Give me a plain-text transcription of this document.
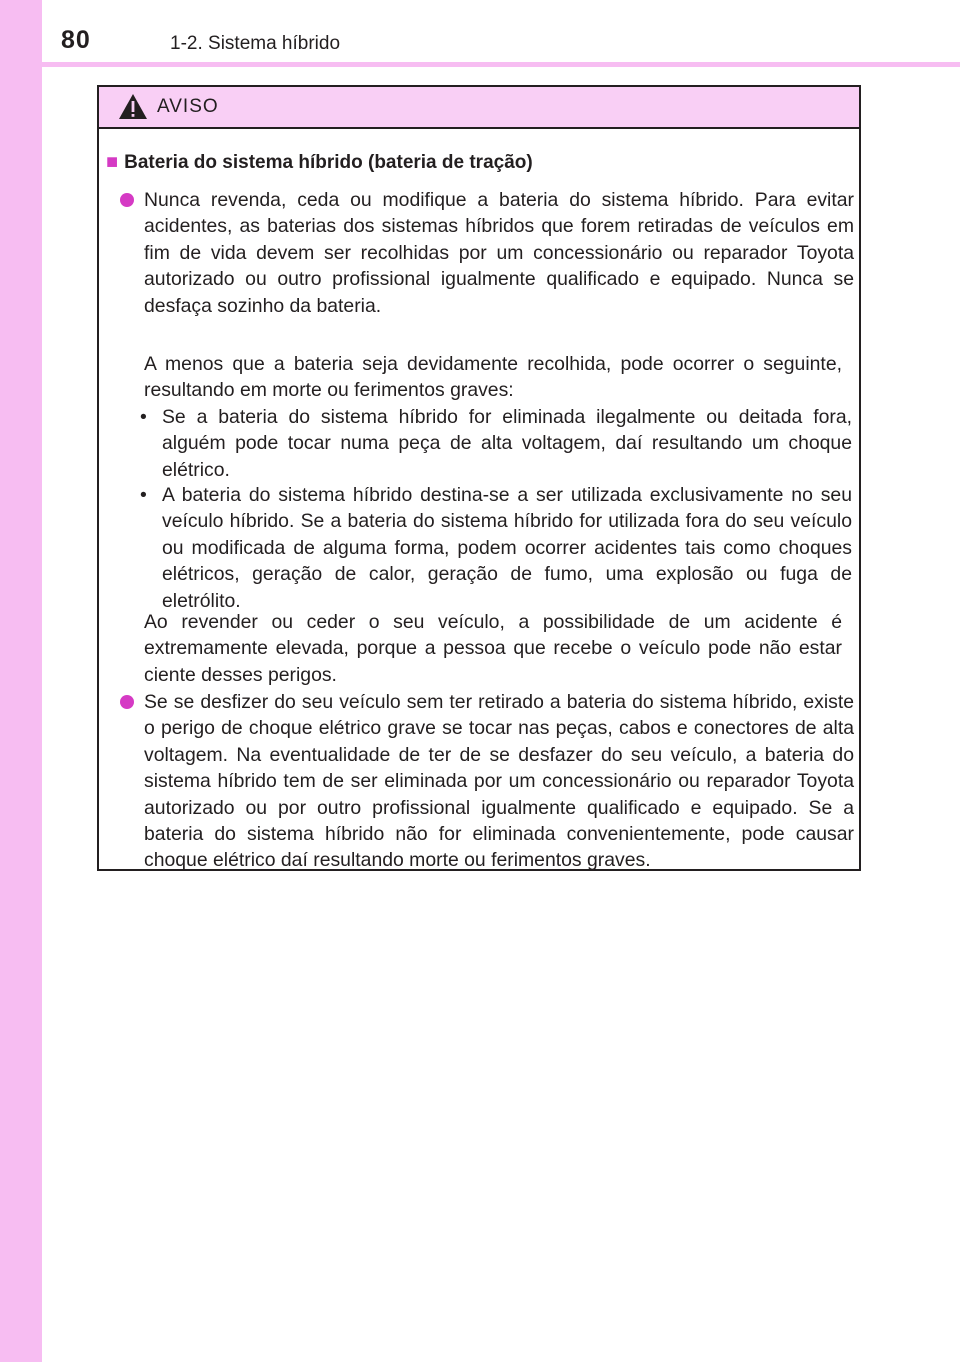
80	1-2. Sistema híbrido
AVISO
■ Bateria do sistema híbrido (bateria de tração)
Nunca revenda, ceda ou modifique a bateria do sistema híbrido. Para evitar acidentes, as baterias dos sistemas híbridos que forem retiradas de veículos em fim de vida devem ser recolhidas por um concessionário ou reparador Toyota autorizado ou outro profissional igualmente qualificado e equipado. Nunca se desfaça sozinho da bateria.
A menos que a bateria seja devidamente recolhida, pode ocorrer o seguinte, resultando em morte ou ferimentos graves:
• Se a bateria do sistema híbrido for eliminada ilegalmente ou deitada fora, alguém pode tocar numa peça de alta voltagem, daí resultando um choque elétrico.
• A bateria do sistema híbrido destina-se a ser utilizada exclusivamente no seu veículo híbrido. Se a bateria do sistema híbrido for utilizada fora do seu veículo ou modificada de alguma forma, podem ocorrer acidentes tais como choques elétricos, geração de calor, geração de fumo, uma explosão ou fuga de eletrólito.
Ao revender ou ceder o seu veículo, a possibilidade de um acidente é extremamente elevada, porque a pessoa que recebe o veículo pode não estar ciente desses perigos.
Se se desfizer do seu veículo sem ter retirado a bateria do sistema híbrido, existe o perigo de choque elétrico grave se tocar nas peças, cabos e conectores de alta voltagem. Na eventualidade de ter de se desfazer do seu veículo, a bateria do sistema híbrido tem de ser eliminada por um concessionário ou reparador Toyota autorizado ou por outro profissional igualmente qualificado e equipado. Se a bateria do sistema híbrido não for eliminada convenientemente, pode causar choque elétrico daí resultando morte ou ferimentos graves.
